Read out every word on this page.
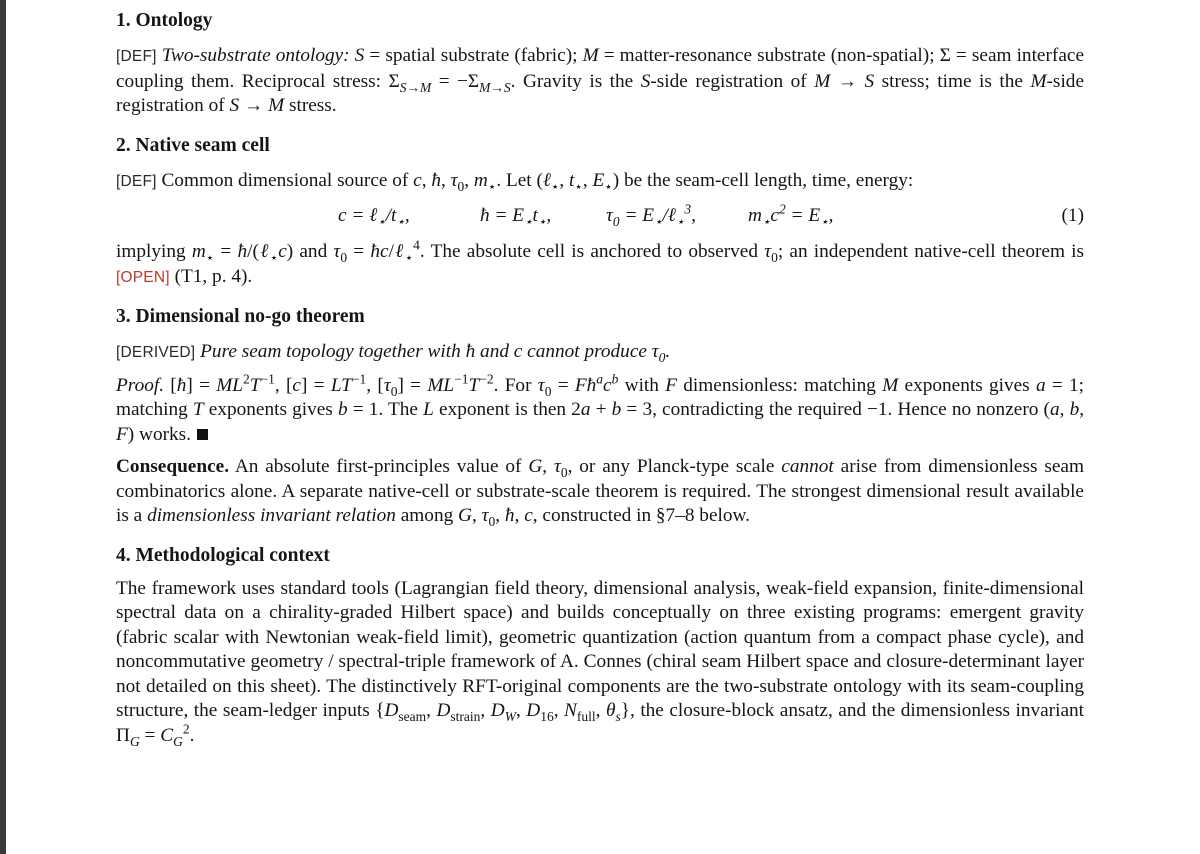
1. Ontology

[DEF] Two-substrate ontology: S = spatial substrate (fabric); M = matter-resonance substrate (non-spatial); Σ = seam interface coupling them. Reciprocal stress: $\Sigma_{S\to M} = -\Sigma_{M\to S}$. Gravity is the S-side registration of M → S stress; time is the M-side registration of S → M stress.

2. Native seam cell

[DEF] Common dimensional source of c, ħ, $\tau_0$, $m_⋆$. Let (ℓ$_⋆$, $t_⋆$, $E_⋆$) be the seam-cell length, time, energy:

$c = \ell_⋆/t_⋆$,	ħ = $E_⋆t_⋆$,	$\tau_0$ = $E_⋆/\ell_⋆^3$,	$m_⋆c^2 = E_⋆$,	(1)

implying $m_⋆$ = ħ/(ℓ$_⋆$c) and $\tau_0$ = ħc/ℓ$_⋆^4$. The absolute cell is anchored to observed $\tau_0$; an independent native-cell theorem is [OPEN] (T1, p. 4).

3. Dimensional no-go theorem

[DERIVED] Pure seam topology together with ħ and c cannot produce $\tau_0$.

Proof. [ħ] = $ML^2T^{-1}$, $[c] = LT^{-1}$, $[\tau_0] = ML^{-1}T^{-2}$. For $\tau_0$ = $Fħ^ac^b$ with F dimensionless: matching M exponents gives a = 1; matching T exponents gives b = 1. The L exponent is then 2a + b = 3, contradicting the required −1. Hence no nonzero (a, b, F) works.

Consequence. An absolute first-principles value of G, $\tau_0$, or any Planck-type scale cannot arise from dimensionless seam combinatorics alone. A separate native-cell or substrate-scale theorem is required. The strongest dimensional result available is a dimensionless invariant relation among G, $\tau_0$, ħ, c, constructed in §7–8 below.

4. Methodological context

The framework uses standard tools (Lagrangian field theory, dimensional analysis, weak-field expansion, finite-dimensional spectral data on a chirality-graded Hilbert space) and builds conceptually on three existing programs: emergent gravity (fabric scalar with Newtonian weak-field limit), geometric quantization (action quantum from a compact phase cycle), and noncommutative geometry / spectral-triple framework of A. Connes (chiral seam Hilbert space and closure-determinant layer not detailed on this sheet). The distinctively RFT-original components are the two-substrate ontology with its seam-coupling structure, the seam-ledger inputs {$D_{seam}$, $D_{strain}$, $D_W$, $D_{16}$, $N_{full}$, $\theta_s$}, the closure-block ansatz, and the dimensionless invariant $\Pi_G = C_G^2$.
